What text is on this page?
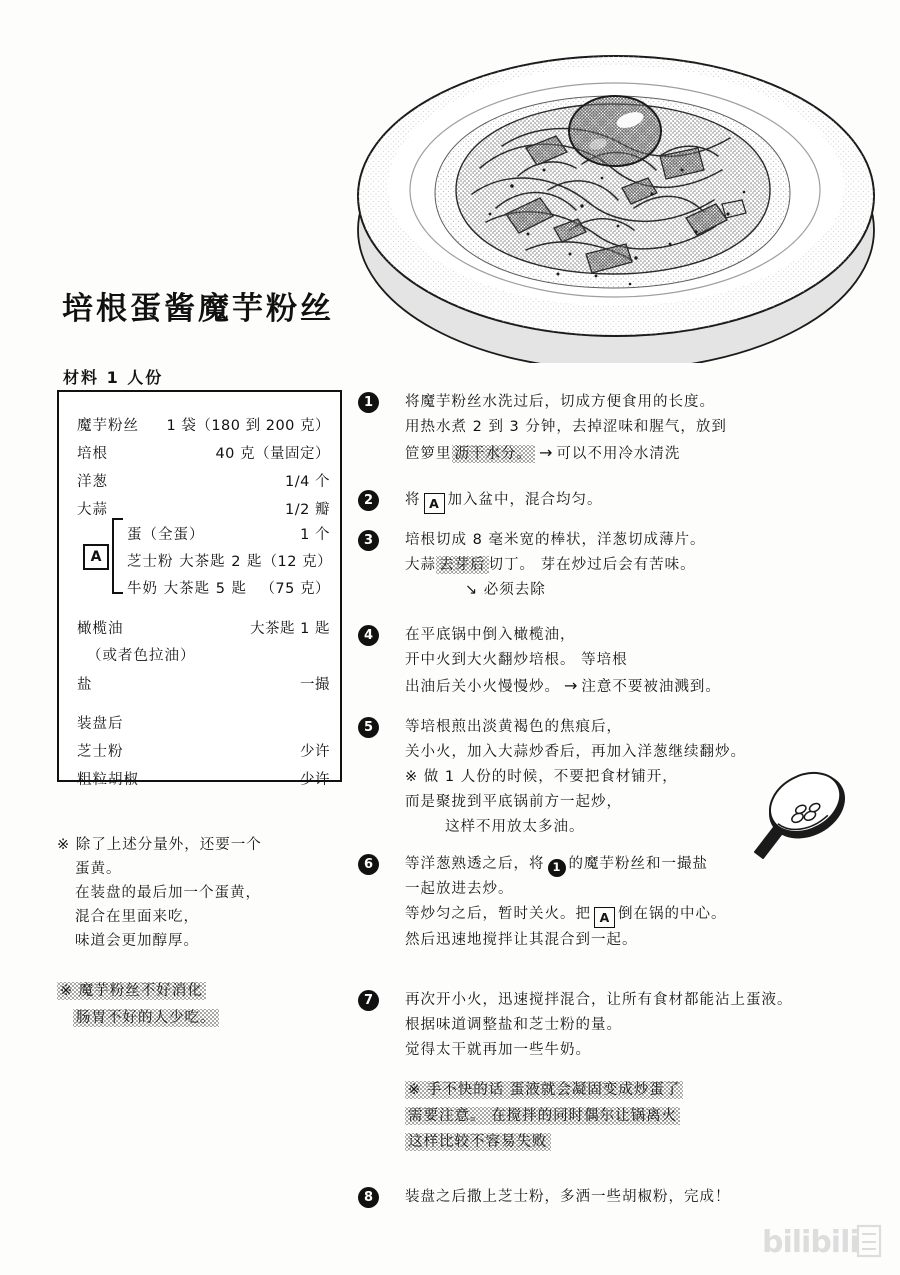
培根蛋酱魔芋粉丝
材料 1 人份
魔芋粉丝 1 袋（180 到 200 克）
培根	40 克（量固定）
洋葱	1/4 个
大蒜	1/2 瓣
A
蛋（全蛋）	1 个
芝士粉 大茶匙 2 匙 （12 克）
牛奶 大茶匙 5 匙 （75 克）
橄榄油	大茶匙 1 匙
（或者色拉油）
盐	一撮
装盘后
芝士粉	少许
粗粒胡椒	少许
※ 除了上述分量外，还要一个
蛋黄。
在装盘的最后加一个蛋黄，
混合在里面来吃，
味道会更加醇厚。
※ 魔芋粉丝不好消化
肠胃不好的人少吃。
1	将魔芋粉丝水洗过后，切成方便食用的长度。
用热水煮 2 到 3 分钟，去掉涩味和腥气，放到
笸箩里 沥干水分。 → 可以不用冷水清洗
2	将 A 加入盆中，混合均匀。
3	培根切成 8 毫米宽的棒状，洋葱切成薄片。
大蒜 去芽后 切丁。 芽在炒过后会有苦味。
↘ 必须去除
4	在平底锅中倒入橄榄油，
开中火到大火翻炒培根。 等培根
出油后关小火慢慢炒。 → 注意不要被油溅到。
5	等培根煎出淡黄褐色的焦痕后，
关小火，加入大蒜炒香后，再加入洋葱继续翻炒。
※ 做 1 人份的时候，不要把食材铺开，
而是聚拢到平底锅前方一起炒，
这样不用放太多油。
6	等洋葱熟透之后，将 1 的魔芋粉丝和一撮盐
一起放进去炒。
等炒匀之后，暂时关火。把 A 倒在锅的中心。
然后迅速地搅拌让其混合到一起。
7	再次开小火，迅速搅拌混合，让所有食材都能沾上蛋液。
根据味道调整盐和芝士粉的量。
觉得太干就再加一些牛奶。
※ 手不快的话 蛋液就会凝固变成炒蛋了
需要注意。 在搅拌的同时偶尔让锅离火
这样比较不容易失败
8	装盘之后撒上芝士粉，多洒一些胡椒粉，完成！
bilibili
